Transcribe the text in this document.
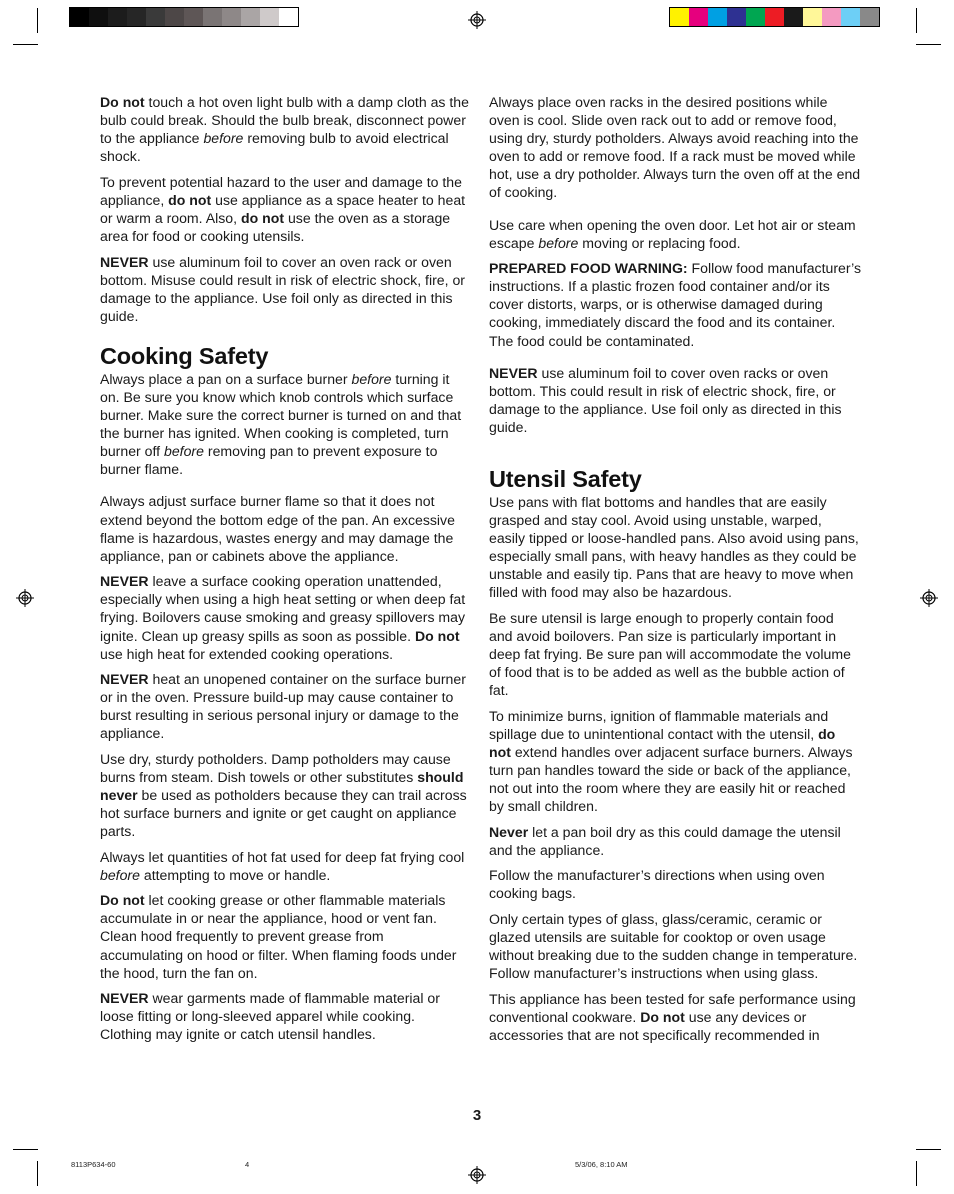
Do not touch a hot oven light bulb with a damp cloth as the bulb could break. Should the bulb break, disconnect power to the appliance before removing bulb to avoid electrical shock.

To prevent potential hazard to the user and damage to the appliance, do not use appliance as a space heater to heat or warm a room. Also, do not use the oven as a storage area for food or cooking utensils.

NEVER use aluminum foil to cover an oven rack or oven bottom. Misuse could result in risk of electric shock, fire, or damage to the appliance. Use foil only as directed in this guide.

Cooking Safety

Always place a pan on a surface burner before turning it on. Be sure you know which knob controls which surface burner. Make sure the correct burner is turned on and that the burner has ignited. When cooking is completed, turn burner off before removing pan to prevent exposure to burner flame.

Always adjust surface burner flame so that it does not extend beyond the bottom edge of the pan. An excessive flame is hazardous, wastes energy and may damage the appliance, pan or cabinets above the appliance.

NEVER leave a surface cooking operation unattended, especially when using a high heat setting or when deep fat frying. Boilovers cause smoking and greasy spillovers may ignite. Clean up greasy spills as soon as possible. Do not use high heat for extended cooking operations.

NEVER heat an unopened container on the surface burner or in the oven. Pressure build-up may cause container to burst resulting in serious personal injury or damage to the appliance.

Use dry, sturdy potholders. Damp potholders may cause burns from steam. Dish towels or other substitutes should never be used as potholders because they can trail across hot surface burners and ignite or get caught on appliance parts.

Always let quantities of hot fat used for deep fat frying cool before attempting to move or handle.

Do not let cooking grease or other flammable materials accumulate in or near the appliance, hood or vent fan. Clean hood frequently to prevent grease from accumulating on hood or filter. When flaming foods under the hood, turn the fan on.

NEVER wear garments made of flammable material or loose fitting or long-sleeved apparel while cooking. Clothing may ignite or catch utensil handles.

Always place oven racks in the desired positions while oven is cool. Slide oven rack out to add or remove food, using dry, sturdy potholders. Always avoid reaching into the oven to add or remove food. If a rack must be moved while hot, use a dry potholder. Always turn the oven off at the end of cooking.

Use care when opening the oven door. Let hot air or steam escape before moving or replacing food.

PREPARED FOOD WARNING: Follow food manufacturer’s instructions. If a plastic frozen food container and/or its cover distorts, warps, or is otherwise damaged during cooking, immediately discard the food and its container. The food could be contaminated.

NEVER use aluminum foil to cover oven racks or oven bottom. This could result in risk of electric shock, fire, or damage to the appliance. Use foil only as directed in this guide.

Utensil Safety

Use pans with flat bottoms and handles that are easily grasped and stay cool. Avoid using unstable, warped, easily tipped or loose-handled pans. Also avoid using pans, especially small pans, with heavy handles as they could be unstable and easily tip. Pans that are heavy to move when filled with food may also be hazardous.

Be sure utensil is large enough to properly contain food and avoid boilovers. Pan size is particularly important in deep fat frying. Be sure pan will accommodate the volume of food that is to be added as well as the bubble action of fat.

To minimize burns, ignition of flammable materials and spillage due to unintentional contact with the utensil, do not extend handles over adjacent surface burners. Always turn pan handles toward the side or back of the appliance, not out into the room where they are easily hit or reached by small children.

Never let a pan boil dry as this could damage the utensil and the appliance.

Follow the manufacturer’s directions when using oven cooking bags.

Only certain types of glass, glass/ceramic, ceramic or glazed utensils are suitable for cooktop or oven usage without breaking due to the sudden change in temperature. Follow manufacturer’s instructions when using glass.

This appliance has been tested for safe performance using conventional cookware. Do not use any devices or accessories that are not specifically recommended in

3
8113P634-60	4	5/3/06, 8:10 AM
